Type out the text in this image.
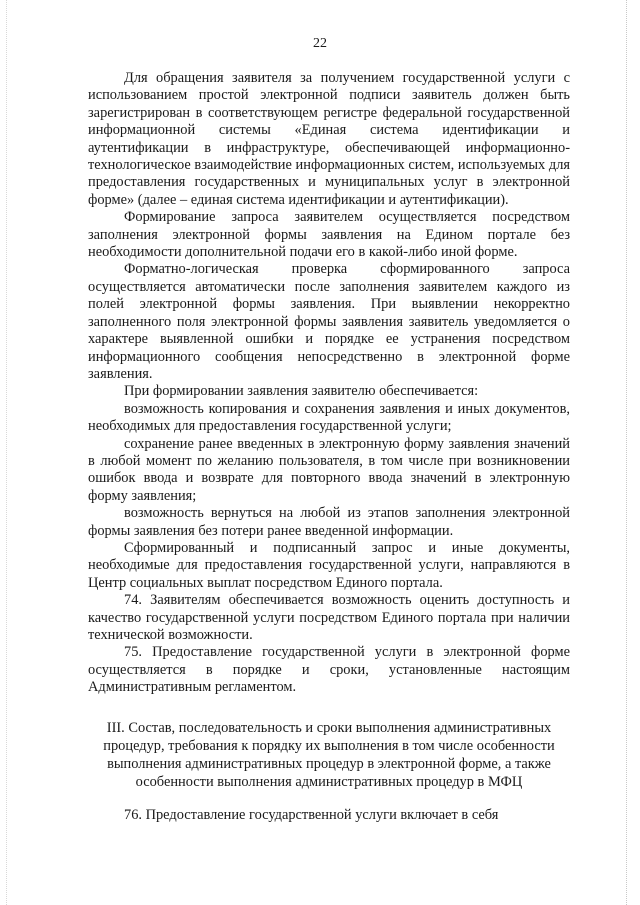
22

Для обращения заявителя за получением государственной услуги с использованием простой электронной подписи заявитель должен быть зарегистрирован в соответствующем регистре федеральной государственной информационной системы «Единая система идентификации и аутентификации в инфраструктуре, обеспечивающей информационно-технологическое взаимодействие информационных систем, используемых для предоставления государственных и муниципальных услуг в электронной форме» (далее – единая система идентификации и аутентификации).

Формирование запроса заявителем осуществляется посредством заполнения электронной формы заявления на Едином портале без необходимости дополнительной подачи его в какой-либо иной форме.

Форматно-логическая проверка сформированного запроса осуществляется автоматически после заполнения заявителем каждого из полей электронной формы заявления. При выявлении некорректно заполненного поля электронной формы заявления заявитель уведомляется о характере выявленной ошибки и порядке ее устранения посредством информационного сообщения непосредственно в электронной форме заявления.

При формировании заявления заявителю обеспечивается:

возможность копирования и сохранения заявления и иных документов, необходимых для предоставления государственной услуги;

сохранение ранее введенных в электронную форму заявления значений в любой момент по желанию пользователя, в том числе при возникновении ошибок ввода и возврате для повторного ввода значений в электронную форму заявления;

возможность вернуться на любой из этапов заполнения электронной формы заявления без потери ранее введенной информации.

Сформированный и подписанный запрос и иные документы, необходимые для предоставления государственной услуги, направляются в Центр социальных выплат посредством Единого портала.

74. Заявителям обеспечивается возможность оценить доступность и качество государственной услуги посредством Единого портала при наличии технической возможности.

75. Предоставление государственной услуги в электронной форме осуществляется в порядке и сроки, установленные настоящим Административным регламентом.

III. Состав, последовательность и сроки выполнения административных процедур, требования к порядку их выполнения в том числе особенности выполнения административных процедур в электронной форме, а также особенности выполнения административных процедур в МФЦ

76. Предоставление государственной услуги включает в себя
